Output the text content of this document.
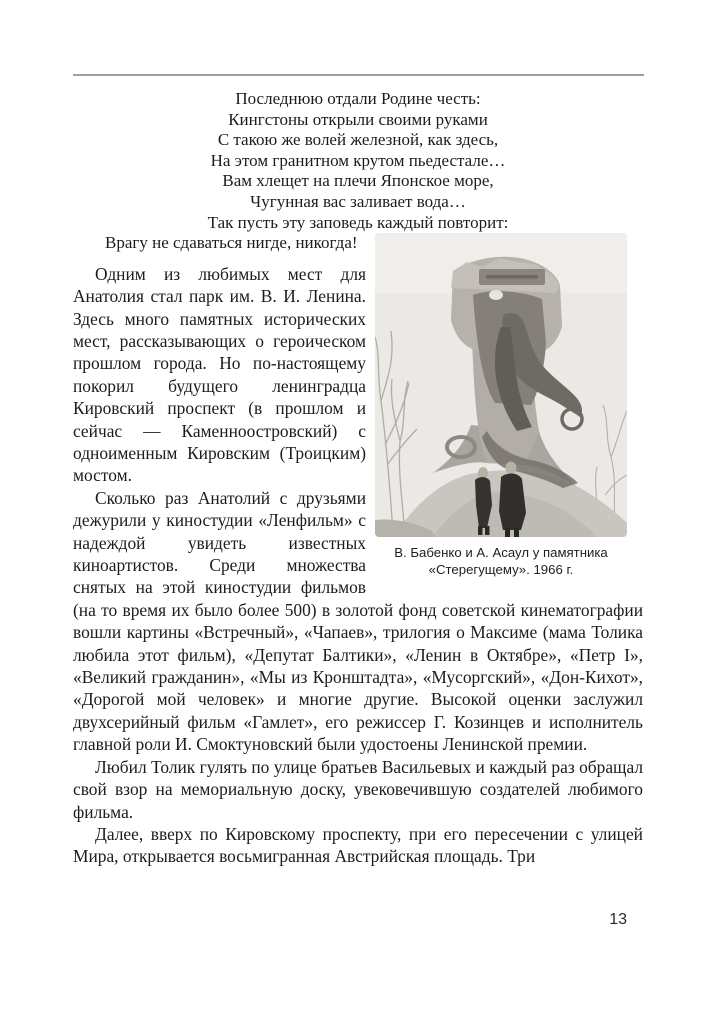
Последнюю отдали Родине честь:
Кингстоны открыли своими руками
С такою же волей железной, как здесь,
На этом гранитном крутом пьедестале…
Вам хлещет на плечи Японское море,
Чугунная вас заливает вода…
Так пусть эту заповедь каждый повторит:
В. Бабенко и А. Асаул у памятника
«Стерегущему». 1966 г.
Врагу не сдаваться нигде, никогда!

Одним из любимых мест для Анатолия стал парк им. В. И. Ленина. Здесь много памятных исторических мест, рассказывающих о героическом прошлом города. Но по-настоящему покорил будущего ленинградца Кировский проспект (в прошлом и сейчас — Каменноостровский) с одноименным Кировским (Троицким) мостом.

Сколько раз Анатолий с друзьями дежурили у киностудии «Ленфильм» с надеждой увидеть известных киноартистов. Среди множества снятых на этой киностудии фильмов (на то время их было более 500) в золотой фонд советской кинематографии вошли картины «Встречный», «Чапаев», трилогия о Максиме (мама Толика любила этот фильм), «Депутат Балтики», «Ленин в Октябре», «Петр I», «Великий гражданин», «Мы из Кронштадта», «Мусоргский», «Дон-Кихот», «Дорогой мой человек» и многие другие. Высокой оценки заслужил двухсерийный фильм «Гамлет», его режиссер Г. Козинцев и исполнитель главной роли И. Смоктуновский были удостоены Ленинской премии.

Любил Толик гулять по улице братьев Васильевых и каждый раз обращал свой взор на мемориальную доску, увековечившую создателей любимого фильма.

Далее, вверх по Кировскому проспекту, при его пересечении с улицей Мира, открывается восьмигранная Австрийская площадь. Три

13
